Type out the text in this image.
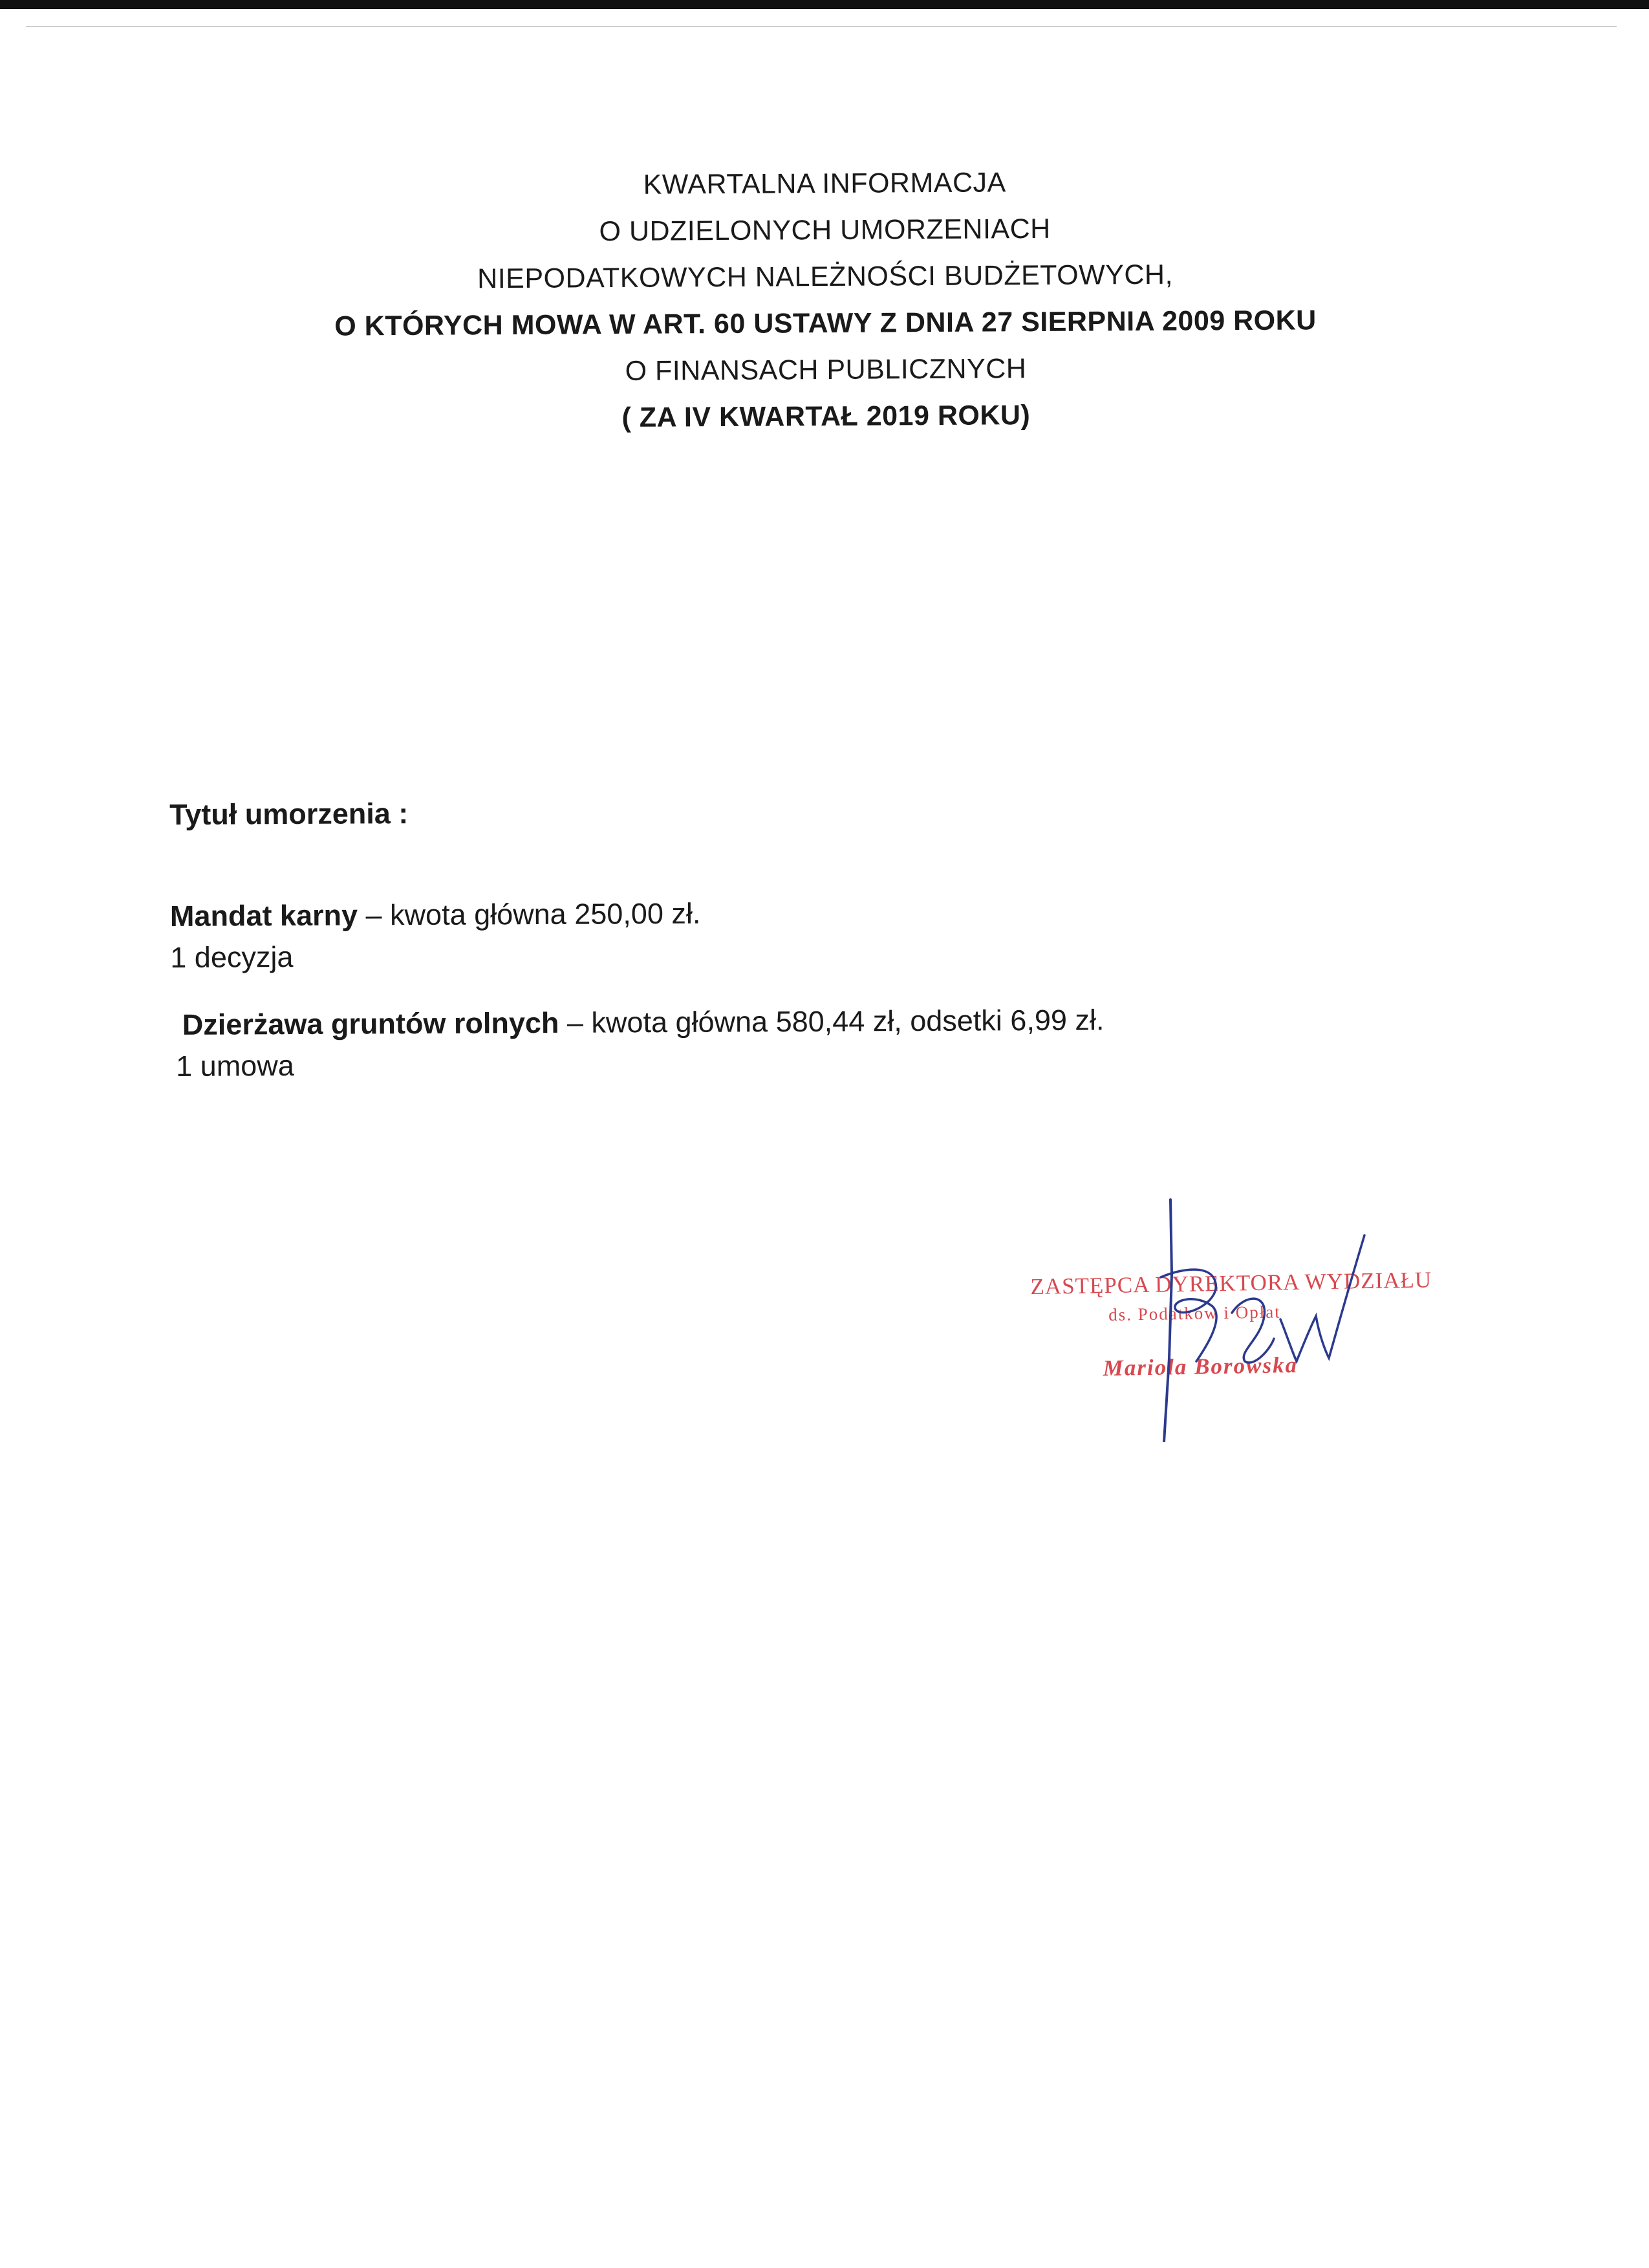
KWARTALNA INFORMACJA
O UDZIELONYCH UMORZENIACH
NIEPODATKOWYCH NALEŻNOŚCI BUDŻETOWYCH,
O KTÓRYCH MOWA W ART. 60 USTAWY Z DNIA 27 SIERPNIA 2009 ROKU
O FINANSACH PUBLICZNYCH
( ZA IV KWARTAŁ 2019 ROKU)

Tytuł umorzenia :

Mandat karny – kwota główna 250,00 zł.

1 decyzja

Dzierżawa gruntów rolnych – kwota główna 580,44 zł, odsetki 6,99 zł.

1 umowa

ZASTĘPCA DYREKTORA WYDZIAŁU
ds. Podatków i Opłat
Mariola Borowska
